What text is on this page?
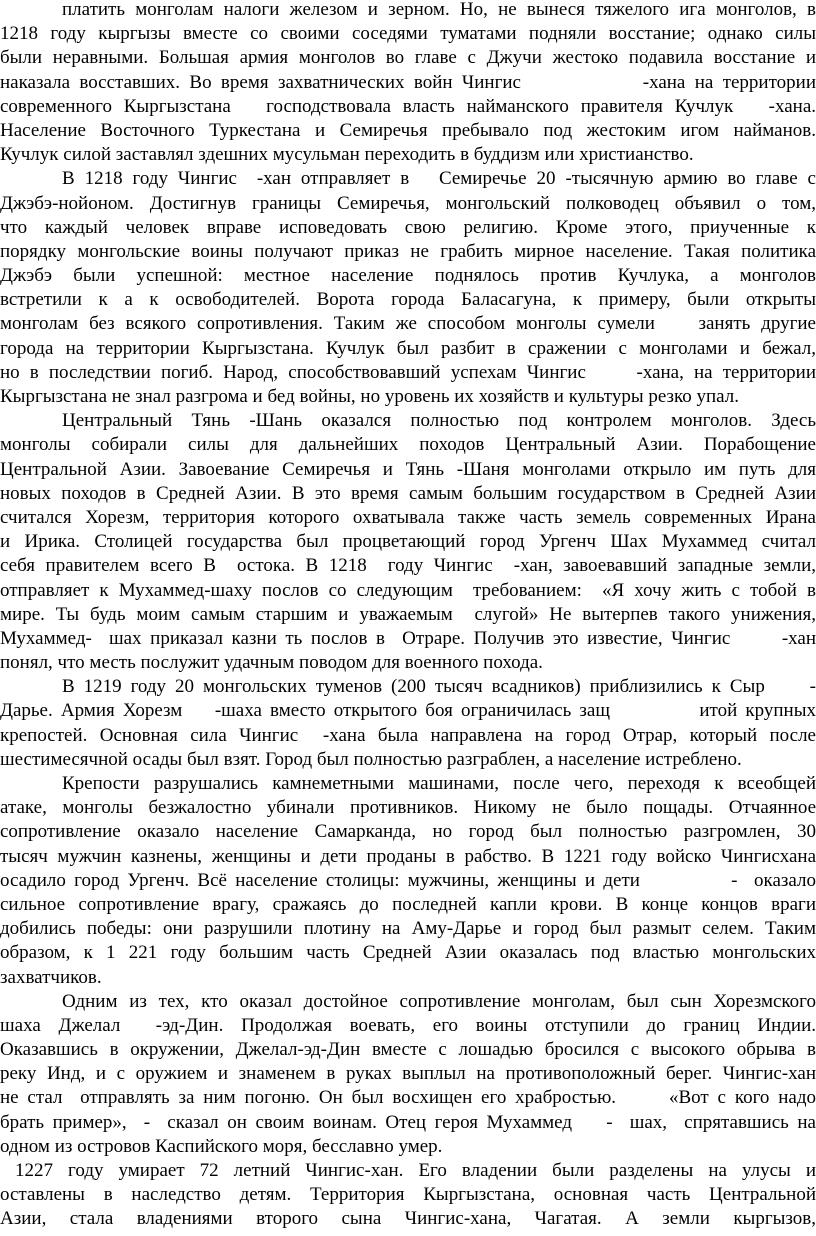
платить монголам налоги железом и зерном. Но, не вынеся тяжелого ига монголов, в
1218 году кыргызы вместе со своими соседями туматами подняли восстание; однако силы
были неравными. Большая армия монголов во главе с Джучи жестоко подавила восстание и
наказала восставших. Во время захватнических войн Чингис             -хана на территории
современного Кыргызстана   господствовала власть найманского правителя Кучлук   -хана.
Население Восточного Туркестана и Семиречья пребывало под жестоким игом найманов.
Кучлук силой заставлял здешних мусульман переходить в буддизм или христианство.
В 1218 году Чингис  -хан отправляет в   Семиречье 20 -тысячную армию во главе с
Джэбэ-нойоном. Достигнув границы Семиречья, монгольский полководец объявил о том,
что каждый человек вправе исповедовать свою религию. Кроме этого, приученные к
порядку монгольские воины получают приказ не грабить мирное население. Такая политика
Джэбэ были успешной: местное население поднялось против Кучлука, а монголов
встретили к а к освободителей. Ворота города Баласагуна, к примеру, были открыты
монголам без всякого сопротивления. Таким же способом монголы сумели    занять другие
города на территории Кыргызстана. Кучлук был разбит в сражении с монголами и бежал,
но в последствии погиб. Народ, способствовавший успехам Чингис     -хана, на территории
Кыргызстана не знал разгрома и бед войны, но уровень их хозяйств и культуры резко упал.
Центральный Тянь -Шань оказался полностью под контролем монголов. Здесь
монголы собирали силы для дальнейших походов Центральный Азии. Порабощение
Центральной Азии. Завоевание Семиречья и Тянь -Шаня монголами открыло им путь для
новых походов в Средней Азии. В это время самым большим государством в Средней Азии
считался Хорезм, территория которого охватывала также часть земель современных Ирана
и Ирика. Столицей государства был процветающий город Ургенч Шах Мухаммед считал
себя правителем всего В  остока. В 1218  году Чингис  -хан, завоевавший западные земли,
отправляет к Мухаммед-шаху послов со следующим  требованием:  «Я хочу жить с тобой в
мире. Ты будь моим самым старшим и уважаемым  слугой» Не вытерпев такого унижения,
Мухаммед-  шах приказал казни ть послов в  Отраре. Получив это известие, Чингис      -хан
понял, что месть послужит удачным поводом для военного похода.
В 1219 году 20 монгольских туменов (200 тысяч всадников) приблизились к Сыр     -
Дарье. Армия Хорезм    -шаха вместо открытого боя ограничилась защ           итой крупных
крепостей. Основная сила Чингис  -хана была направлена на город Отрар, который после
шестимесячной осады был взят. Город был полностью разграблен, а население истреблено.
Крепости разрушались камнеметными машинами, после чего, переходя к всеобщей
атаке, монголы безжалостно убинали противников. Никому не было пощады. Отчаянное
сопротивление оказало население Самарканда, но город был полностью разгромлен, 30
тысяч мужчин казнены, женщины и дети проданы в рабство. В 1221 году войско Чингисхана
осадило город Ургенч. Всё население столицы: мужчины, женщины и дети           -  оказало
сильное сопротивление врагу, сражаясь до последней капли крови. В конце концов враги
добились победы: они разрушили плотину на Аму-Дарье и город был размыт селем. Таким
образом, к 1 221 году большим часть Средней Азии оказалась под властью монгольских
захватчиков.
Одним из тех, кто оказал достойное сопротивление монголам, был сын Хорезмского
шаха Джелал  -эд-Дин. Продолжая воевать, его воины отступили до границ Индии.
Оказавшись в окружении, Джелал-эд-Дин вместе с лошадью бросился с высокого обрыва в
реку Инд, и с оружием и знаменем в руках выплыл на противоположный берег. Чингис-хан
не стал  отправлять за ним погоню. Он был восхищен его храбростью.      «Вот с кого надо
брать пример»,  -  сказал он своим воинам. Отец героя Мухаммед    -  шах,  спрятавшись на
одном из островов Каспийского моря, бесславно умер.
1227 году умирает 72 летний Чингис-хан. Его владении были разделены на улусы и
оставлены в наследство детям. Территория Кыргызстана, основная часть Центральной
Азии, стала владениями второго сына Чингис-хана, Чагатая. А земли кыргызов,
